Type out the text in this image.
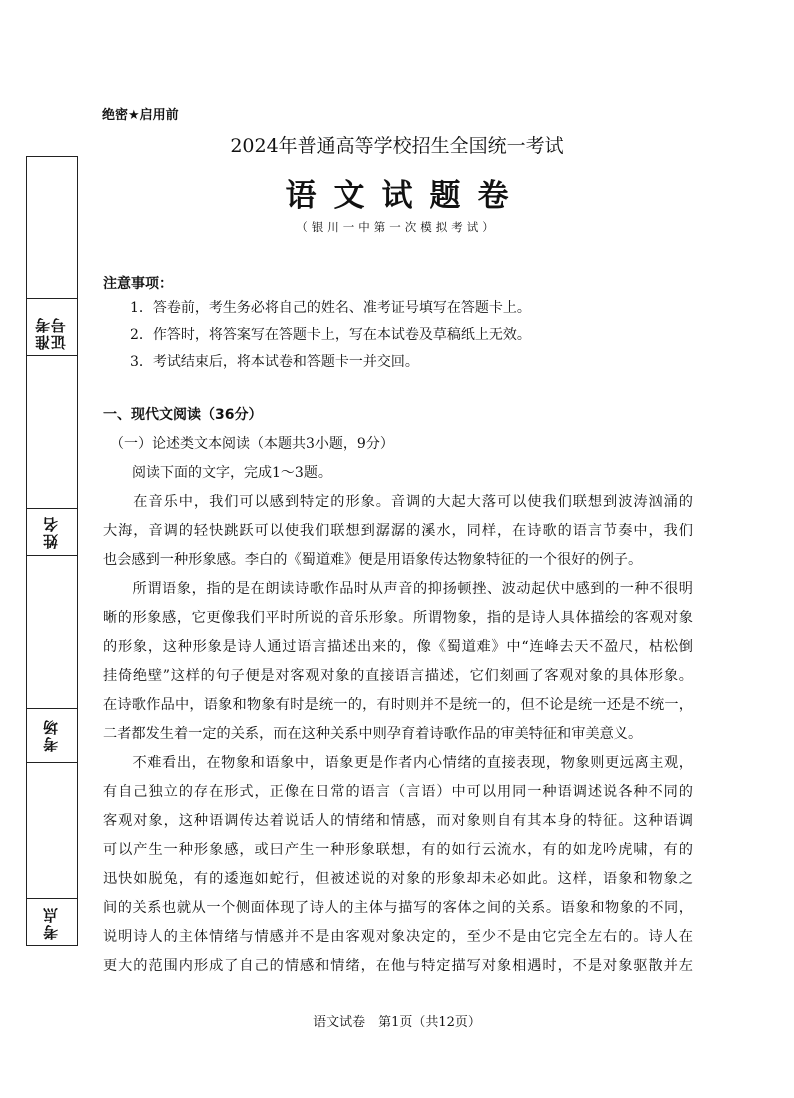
绝密★启用前
2024年普通高等学校招生全国统一考试
语文试题卷
（银川一中第一次模拟考试）
准考证号
姓名
考场
考点
注意事项：
1．答卷前，考生务必将自己的姓名、准考证号填写在答题卡上。
2．作答时，将答案写在答题卡上，写在本试卷及草稿纸上无效。
3．考试结束后，将本试卷和答题卡一并交回。
一、现代文阅读（36分）
（一）论述类文本阅读（本题共3小题，9分）
阅读下面的文字，完成1～3题。
　　在音乐中，我们可以感到特定的形象。音调的大起大落可以使我们联想到波涛汹涌的
大海，音调的轻快跳跃可以使我们联想到潺潺的溪水，同样，在诗歌的语言节奏中，我们
也会感到一种形象感。李白的《蜀道难》便是用语象传达物象特征的一个很好的例子。
　　所谓语象，指的是在朗读诗歌作品时从声音的抑扬顿挫、波动起伏中感到的一种不很明
晰的形象感，它更像我们平时所说的音乐形象。所谓物象，指的是诗人具体描绘的客观对象
的形象，这种形象是诗人通过语言描述出来的，像《蜀道难》中“连峰去天不盈尺，枯松倒
挂倚绝壁”这样的句子便是对客观对象的直接语言描述，它们刻画了客观对象的具体形象。
在诗歌作品中，语象和物象有时是统一的，有时则并不是统一的，但不论是统一还是不统一，
二者都发生着一定的关系，而在这种关系中则孕育着诗歌作品的审美特征和审美意义。
　　不难看出，在物象和语象中，语象更是作者内心情绪的直接表现，物象则更远离主观，
有自己独立的存在形式，正像在日常的语言（言语）中可以用同一种语调述说各种不同的
客观对象，这种语调传达着说话人的情绪和情感，而对象则自有其本身的特征。这种语调
可以产生一种形象感，或曰产生一种形象联想，有的如行云流水，有的如龙吟虎啸，有的
迅快如脱兔，有的逶迤如蛇行，但被述说的对象的形象却未必如此。这样，语象和物象之
间的关系也就从一个侧面体现了诗人的主体与描写的客体之间的关系。语象和物象的不同，
说明诗人的主体情绪与情感并不是由客观对象决定的，至少不是由它完全左右的。诗人在
更大的范围内形成了自己的情感和情绪，在他与特定描写对象相遇时，不是对象驱散并左
语文试卷　第1页（共12页）
